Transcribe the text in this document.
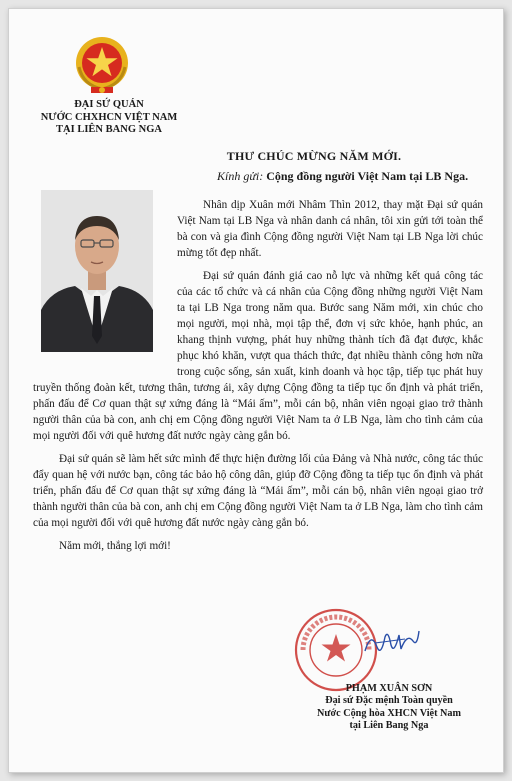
ĐẠI SỨ QUÁN
NƯỚC CHXHCN VIỆT NAM
TẠI LIÊN BANG NGA
THƯ CHÚC MỪNG NĂM MỚI.
Kính gửi: Cộng đồng người Việt Nam tại LB Nga.

Nhân dịp Xuân mới Nhâm Thìn 2012, thay mặt Đại sứ quán Việt Nam tại LB Nga và nhân danh cá nhân, tôi xin gửi tới toàn thể bà con và gia đình Cộng đồng người Việt Nam tại LB Nga lời chúc mừng tốt đẹp nhất.

Đại sứ quán đánh giá cao nỗ lực và những kết quả công tác của các tổ chức và cá nhân của Cộng đồng những người Việt Nam ta tại LB Nga trong năm qua. Bước sang Năm mới, xin chúc cho mọi người, mọi nhà, mọi tập thể, đơn vị sức khỏe, hạnh phúc, an khang thịnh vượng, phát huy những thành tích đã đạt được, khắc phục khó khăn, vượt qua thách thức, đạt nhiều thành công hơn nữa trong cuộc sống, sản xuất, kinh doanh và học tập, tiếp tục phát huy truyền thống đoàn kết, tương thân, tương ái, xây dựng Cộng đồng ta tiếp tục ổn định và phát triển, phấn đấu để Cơ quan thật sự xứng đáng là “Mái ấm”, mỗi cán bộ, nhân viên ngoại giao trở thành người thân của bà con, anh chị em Cộng đồng người Việt Nam ta ở LB Nga, làm cho tình cảm của mọi người đối với quê hương đất nước ngày càng gắn bó.

Đại sứ quán sẽ làm hết sức mình để thực hiện đường lối của Đảng và Nhà nước, công tác thúc đẩy quan hệ với nước bạn, công tác bảo hộ công dân, giúp đỡ Cộng đồng ta tiếp tục ổn định và phát triển, phấn đấu để Cơ quan thật sự xứng đáng là “Mái ấm”, mỗi cán bộ, nhân viên ngoại giao trở thành người thân của bà con, anh chị em Cộng đồng người Việt Nam ta ở LB Nga, làm cho tình cảm của mọi người đối với quê hương đất nước ngày càng gắn bó.

Năm mới, thắng lợi mới!

PHẠM XUÂN SƠN
Đại sứ Đặc mệnh Toàn quyền
Nước Cộng hòa XHCN Việt Nam
tại Liên Bang Nga
